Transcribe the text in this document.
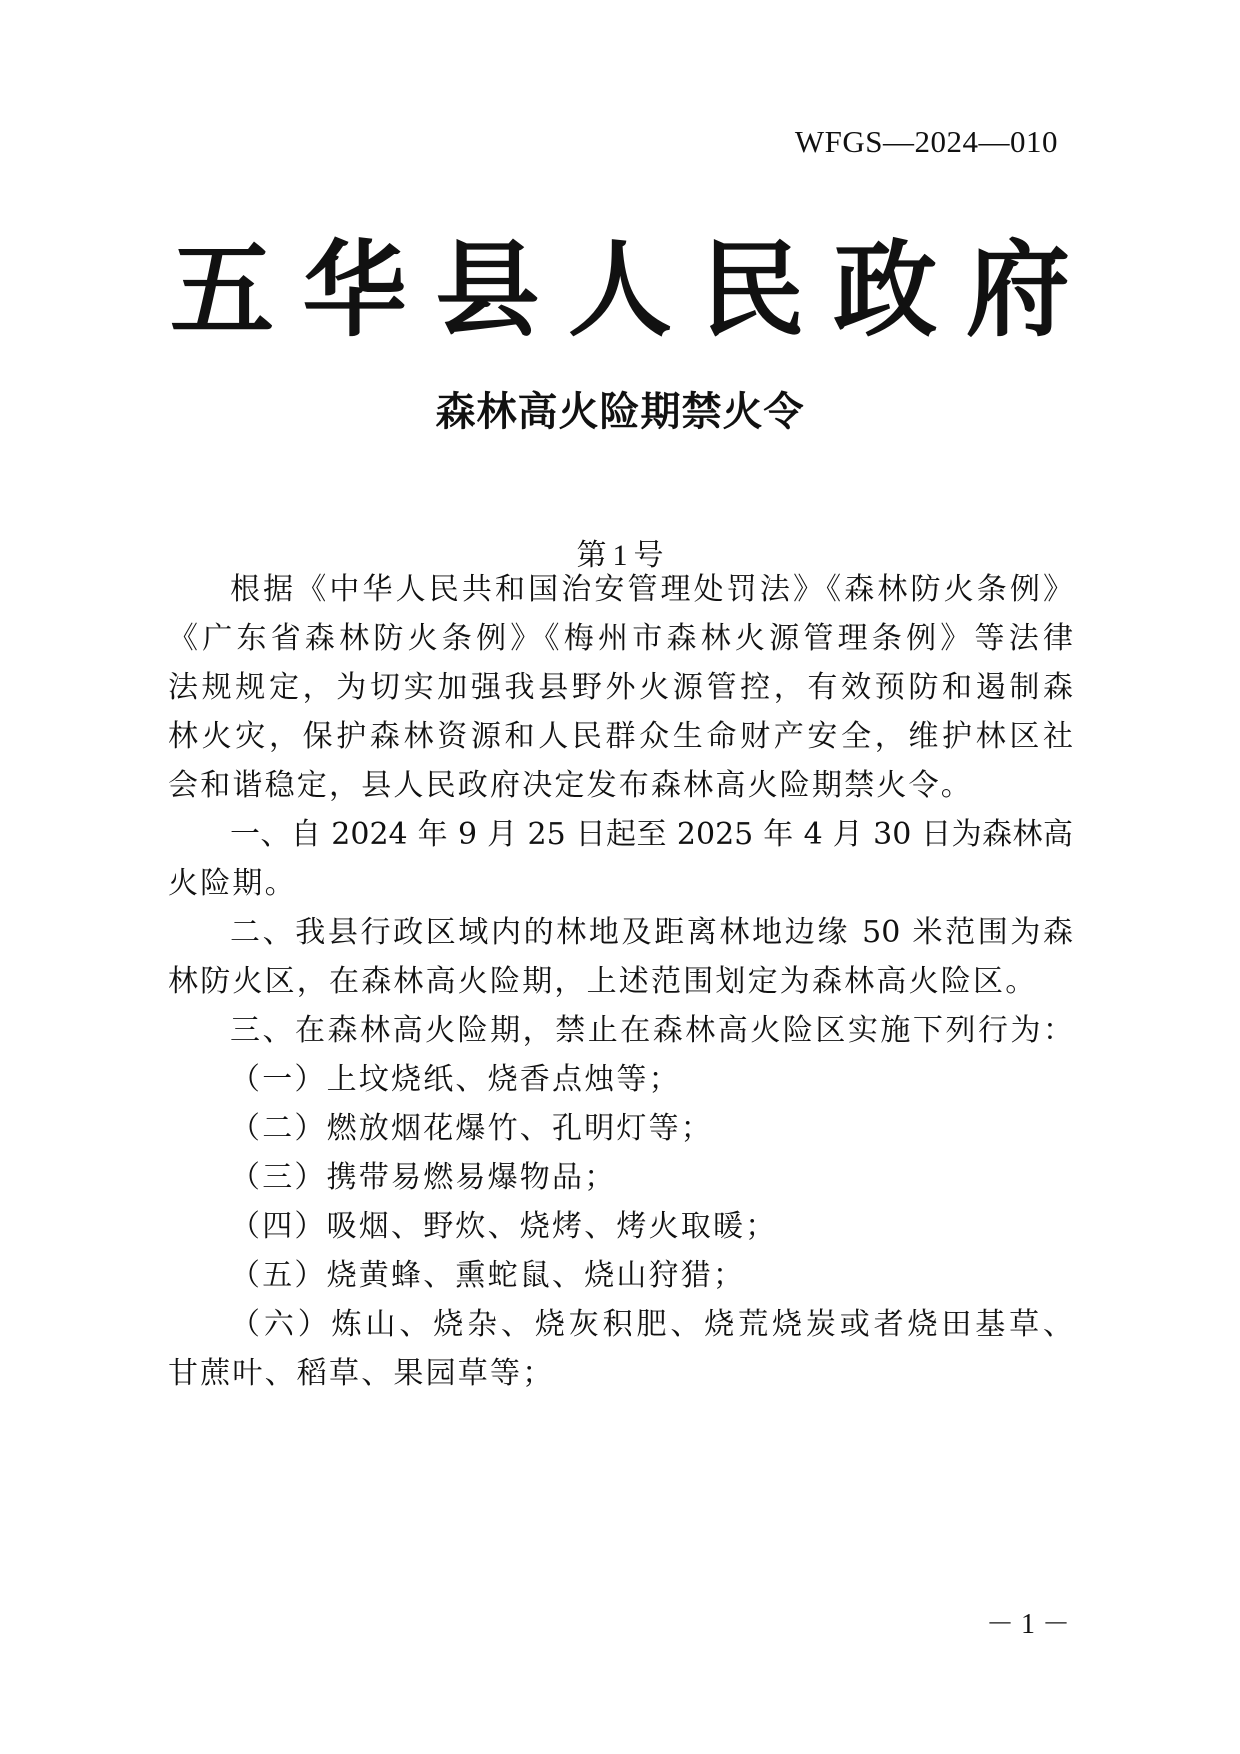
WFGS—2024—010
五 华 县 人 民 政 府
森林高火险期禁火令
第 1 号
根据《中华人民共和国治安管理处罚法》《森林防火条例》
《广东省森林防火条例》《梅州市森林火源管理条例》等法律
法规规定，为切实加强我县野外火源管控，有效预防和遏制森
林火灾，保护森林资源和人民群众生命财产安全，维护林区社
会和谐稳定，县人民政府决定发布森林高火险期禁火令。
一、自 2024 年 9 月 25 日起至 2025 年 4 月 30 日为森林高
火险期。
二、我县行政区域内的林地及距离林地边缘 50 米范围为森
林防火区，在森林高火险期，上述范围划定为森林高火险区。
三、在森林高火险期，禁止在森林高火险区实施下列行为：
（一）上坟烧纸、烧香点烛等；
（二）燃放烟花爆竹、孔明灯等；
（三）携带易燃易爆物品；
（四）吸烟、野炊、烧烤、烤火取暖；
（五）烧黄蜂、熏蛇鼠、烧山狩猎；
（六）炼山、烧杂、烧灰积肥、烧荒烧炭或者烧田基草、
甘蔗叶、稻草、果园草等；
－ 1 －
